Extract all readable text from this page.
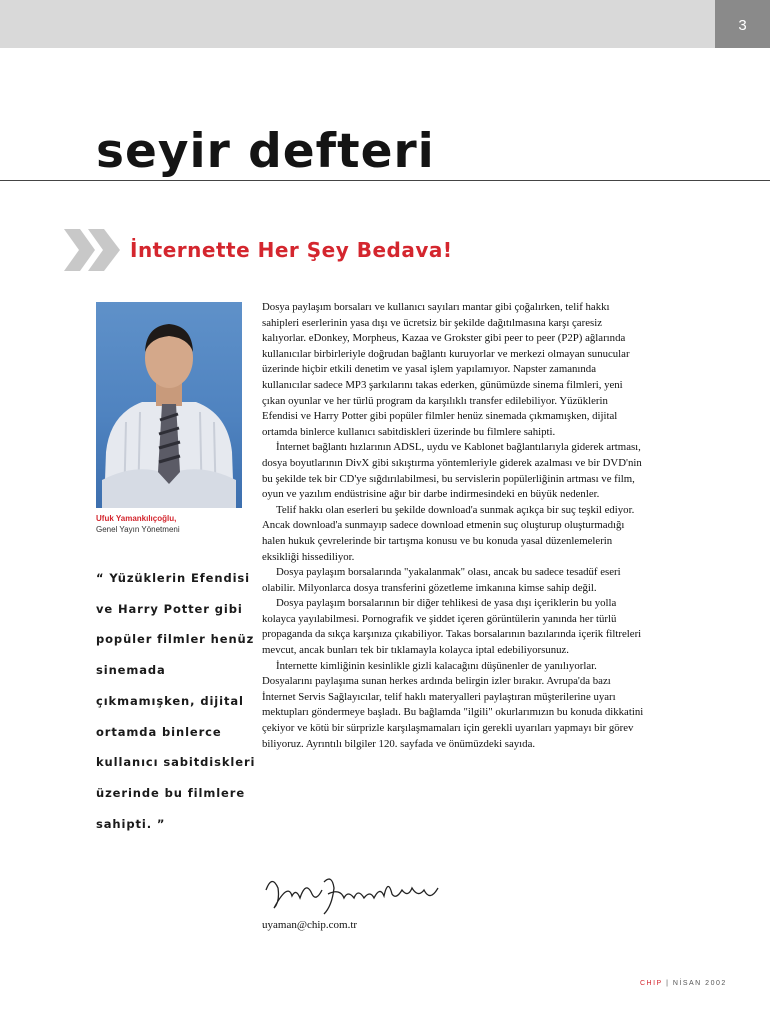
3
seyir defteri
İnternette Her Şey Bedava!
Ufuk Yamankılıçoğlu,
Genel Yayın Yönetmeni

“ Yüzüklerin Efendisi ve Harry Potter gibi popüler filmler henüz sinemada çıkmamışken, dijital ortamda binlerce kullanıcı sabitdiskleri üzerinde bu filmlere sahipti. ”

Dosya paylaşım borsaları ve kullanıcı sayıları mantar gibi çoğalırken, telif hakkı sahipleri eserlerinin yasa dışı ve ücretsiz bir şekilde dağıtılmasına karşı çaresiz kalıyorlar. eDonkey, Morpheus, Kazaa ve Grokster gibi peer to peer (P2P) ağlarında kullanıcılar birbirleriyle doğrudan bağlantı kuruyorlar ve merkezi olmayan sunucular üzerinde hiçbir etkili denetim ve yasal işlem yapılamıyor. Napster zamanında kullanıcılar sadece MP3 şarkılarını takas ederken, günümüzde sinema filmleri, yeni çıkan oyunlar ve her türlü program da karşılıklı transfer edilebiliyor. Yüzüklerin Efendisi ve Harry Potter gibi popüler filmler henüz sinemada çıkmamışken, dijital ortamda binlerce kullanıcı sabitdiskleri üzerinde bu filmlere sahipti.

İnternet bağlantı hızlarının ADSL, uydu ve Kablonet bağlantılarıyla giderek artması, dosya boyutlarının DivX gibi sıkıştırma yöntemleriyle giderek azalması ve bir DVD'nin bu şekilde tek bir CD'ye sığdırılabilmesi, bu servislerin popülerliğinin artması ve film, oyun ve yazılım endüstrisine ağır bir darbe indirmesindeki en büyük nedenler.

Telif hakkı olan eserleri bu şekilde download'a sunmak açıkça bir suç teşkil ediyor. Ancak download'a sunmayıp sadece download etmenin suç oluşturup oluşturmadığı halen hukuk çevrelerinde bir tartışma konusu ve bu konuda yasal düzenlemelerin eksikliği hissediliyor.

Dosya paylaşım borsalarında "yakalanmak" olası, ancak bu sadece tesadüf eseri olabilir. Milyonlarca dosya transferini gözetleme imkanına kimse sahip değil.

Dosya paylaşım borsalarının bir diğer tehlikesi de yasa dışı içeriklerin bu yolla kolayca yayılabilmesi. Pornografik ve şiddet içeren görüntülerin yanında her türlü propaganda da sıkça karşınıza çıkabiliyor. Takas borsalarının bazılarında içerik filtreleri mevcut, ancak bunları tek bir tıklamayla kolayca iptal edebiliyorsunuz.

İnternette kimliğinin kesinlikle gizli kalacağını düşünenler de yanılıyorlar. Dosyalarını paylaşıma sunan herkes ardında belirgin izler bırakır. Avrupa'da bazı İnternet Servis Sağlayıcılar, telif haklı materyalleri paylaştıran müşterilerine uyarı mektupları göndermeye başladı. Bu bağlamda "ilgili" okurlarımızın bu konuda dikkatini çekiyor ve kötü bir sürprizle karşılaşmamaları için gerekli uyarıları yapmayı bir görev biliyoruz. Ayrıntılı bilgiler 120. sayfada ve önümüzdeki sayıda.

uyaman@chip.com.tr
CHIP | NİSAN 2002
